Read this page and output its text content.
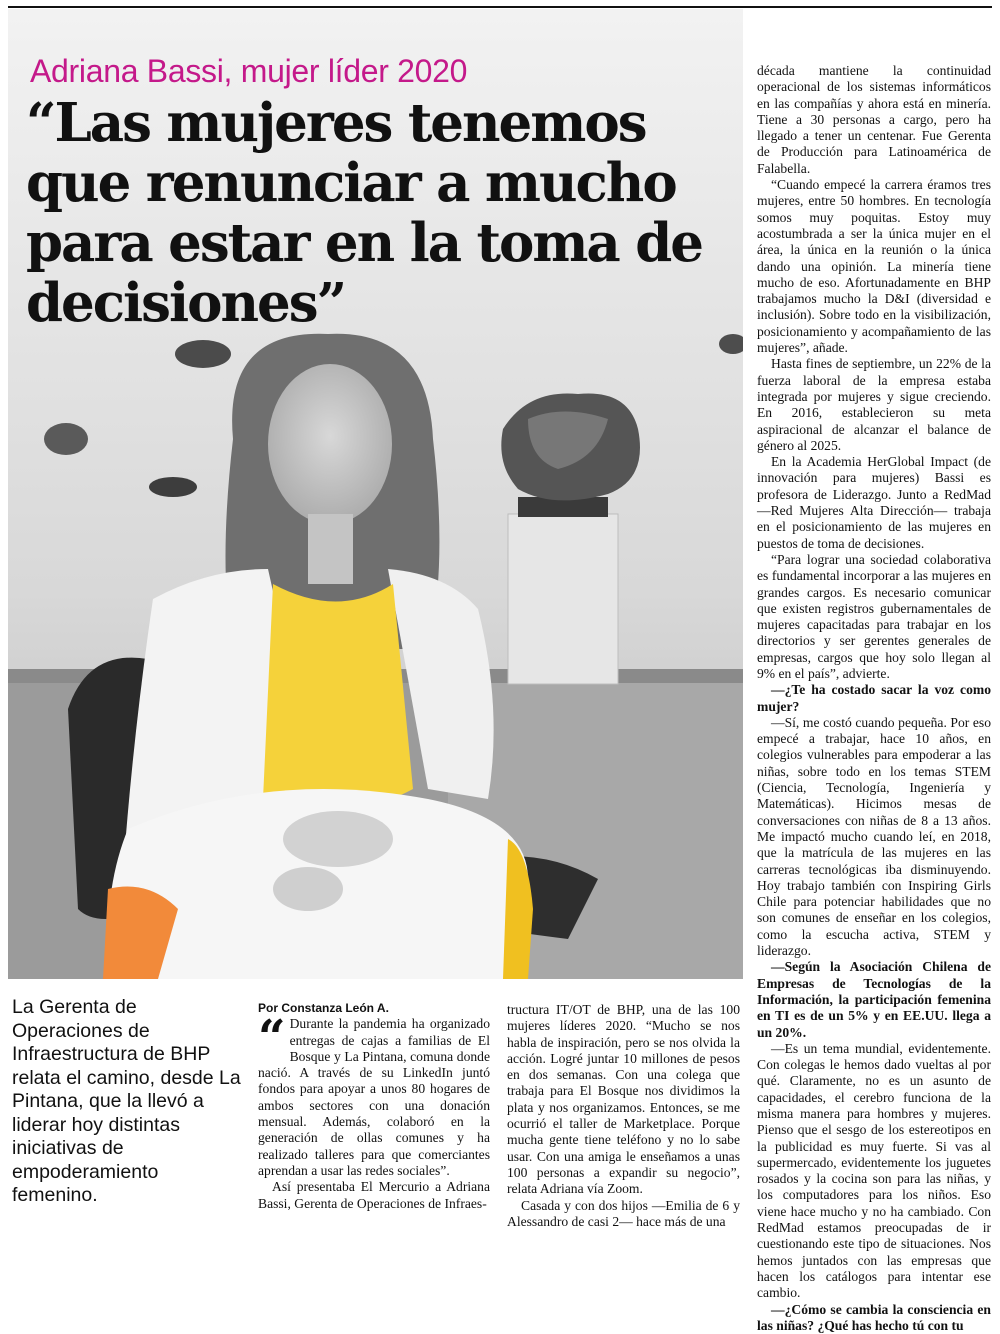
Adriana Bassi, mujer líder 2020
“Las mujeres tenemos que renunciar a mucho para estar en la toma de decisiones”

La Gerenta de Operaciones de Infraestructura de BHP relata el camino, desde La Pintana, que la llevó a liderar hoy distintas iniciativas de empoderamiento femenino.

Por Constanza León A.

“ Durante la pandemia ha organizado entregas de cajas a familias de El Bosque y La Pintana, comuna donde nació. A través de su LinkedIn juntó fondos para apoyar a unos 80 hogares de ambos sectores con una donación mensual. Además, colaboró en la generación de ollas comunes y ha realizado talleres para que comerciantes aprendan a usar las redes sociales”.

Así presentaba El Mercurio a Adriana Bassi, Gerenta de Operaciones de Infraes-

tructura IT/OT de BHP, una de las 100 mujeres líderes 2020. “Mucho se nos habla de inspiración, pero se nos olvida la acción. Logré juntar 10 millones de pesos en dos semanas. Con una colega que trabaja para El Bosque nos dividimos la plata y nos organizamos. Entonces, se me ocurrió el taller de Marketplace. Porque mucha gente tiene teléfono y no lo sabe usar. Con una amiga le enseñamos a unas 100 personas a expandir su negocio”, relata Adriana vía Zoom.

Casada y con dos hijos —Emilia de 6 y Alessandro de casi 2— hace más de una

década mantiene la continuidad operacional de los sistemas informáticos en las compañías y ahora está en minería. Tiene a 30 personas a cargo, pero ha llegado a tener un centenar. Fue Gerenta de Producción para Latinoamérica de Falabella.

“Cuando empecé la carrera éramos tres mujeres, entre 50 hombres. En tecnología somos muy poquitas. Estoy muy acostumbrada a ser la única mujer en el área, la única en la reunión o la única dando una opinión. La minería tiene mucho de eso. Afortunadamente en BHP trabajamos mucho la D&I (diversidad e inclusión). Sobre todo en la visibilización, posicionamiento y acompañamiento de las mujeres”, añade.

Hasta fines de septiembre, un 22% de la fuerza laboral de la empresa estaba integrada por mujeres y sigue creciendo. En 2016, establecieron su meta aspiracional de alcanzar el balance de género al 2025.

En la Academia HerGlobal Impact (de innovación para mujeres) Bassi es profesora de Liderazgo. Junto a RedMad —Red Mujeres Alta Dirección— trabaja en el posicionamiento de las mujeres en puestos de toma de decisiones.

“Para lograr una sociedad colaborativa es fundamental incorporar a las mujeres en grandes cargos. Es necesario comunicar que existen registros gubernamentales de mujeres capacitadas para trabajar en los directorios y ser gerentes generales de empresas, cargos que hoy solo llegan al 9% en el país”, advierte.

—¿Te ha costado sacar la voz como mujer?

—Sí, me costó cuando pequeña. Por eso empecé a trabajar, hace 10 años, en colegios vulnerables para empoderar a las niñas, sobre todo en los temas STEM (Ciencia, Tecnología, Ingeniería y Matemáticas). Hicimos mesas de conversaciones con niñas de 8 a 13 años. Me impactó mucho cuando leí, en 2018, que la matrícula de las mujeres en las carreras tecnológicas iba disminuyendo. Hoy trabajo también con Inspiring Girls Chile para potenciar habilidades que no son comunes de enseñar en los colegios, como la escucha activa, STEM y liderazgo.

—Según la Asociación Chilena de Empresas de Tecnologías de la Información, la participación femenina en TI es de un 5% y en EE.UU. llega a un 20%.

—Es un tema mundial, evidentemente. Con colegas le hemos dado vueltas al por qué. Claramente, no es un asunto de capacidades, el cerebro funciona de la misma manera para hombres y mujeres. Pienso que el sesgo de los estereotipos en la publicidad es muy fuerte. Si vas al supermercado, evidentemente los juguetes rosados y la cocina son para las niñas, y los computadores para los niños. Eso viene hace mucho y no ha cambiado. Con RedMad estamos preocupadas de ir cuestionando este tipo de situaciones. Nos hemos juntados con las empresas que hacen los catálogos para intentar ese cambio.

—¿Cómo se cambia la consciencia en las niñas? ¿Qué has hecho tú con tu
